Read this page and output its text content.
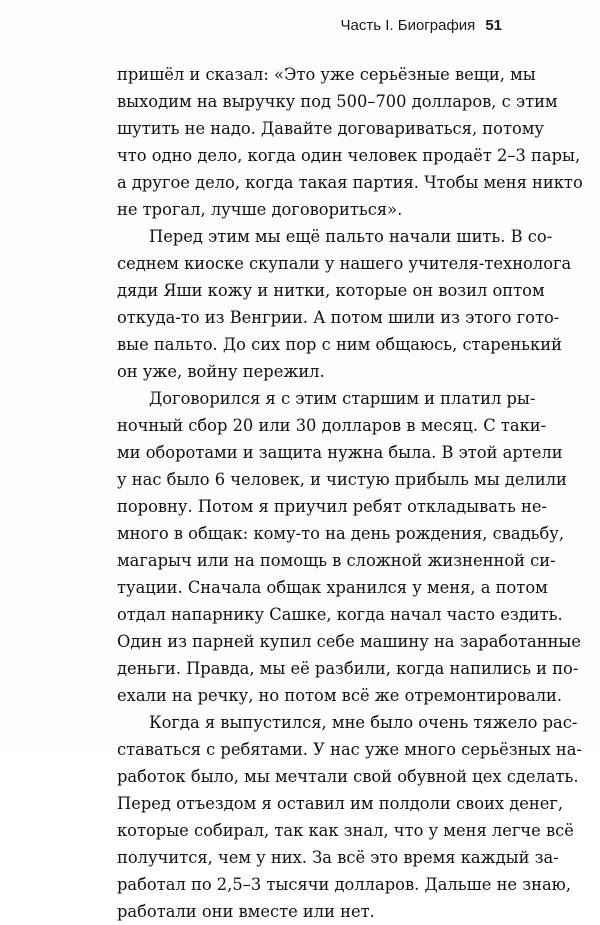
Часть I. Биография 51
пришёл и сказал: «Это уже серьёзные вещи, мы
выходим на выручку под 500–700 долларов, с этим
шутить не надо. Давайте договариваться, потому
что одно дело, когда один человек продаёт 2–3 пары,
а другое дело, когда такая партия. Чтобы меня никто
не трогал, лучше договориться».
Перед этим мы ещё пальто начали шить. В со-
седнем киоске скупали у нашего учителя-технолога
дяди Яши кожу и нитки, которые он возил оптом
откуда-то из Венгрии. А потом шили из этого гото-
вые пальто. До сих пор с ним общаюсь, старенький
он уже, войну пережил.
Договорился я с этим старшим и платил ры-
ночный сбор 20 или 30 долларов в месяц. С таки-
ми оборотами и защита нужна была. В этой артели
у нас было 6 человек, и чистую прибыль мы делили
поровну. Потом я приучил ребят откладывать не-
много в общак: кому-то на день рождения, свадьбу,
магарыч или на помощь в сложной жизненной си-
туации. Сначала общак хранился у меня, а потом
отдал напарнику Сашке, когда начал часто ездить.
Один из парней купил себе машину на заработанные
деньги. Правда, мы её разбили, когда напились и по-
ехали на речку, но потом всё же отремонтировали.
Когда я выпустился, мне было очень тяжело рас-
ставаться с ребятами. У нас уже много серьёзных на-
работок было, мы мечтали свой обувной цех сделать.
Перед отъездом я оставил им полдоли своих денег,
которые собирал, так как знал, что у меня легче всё
получится, чем у них. За всё это время каждый за-
работал по 2,5–3 тысячи долларов. Дальше не знаю,
работали они вместе или нет.
